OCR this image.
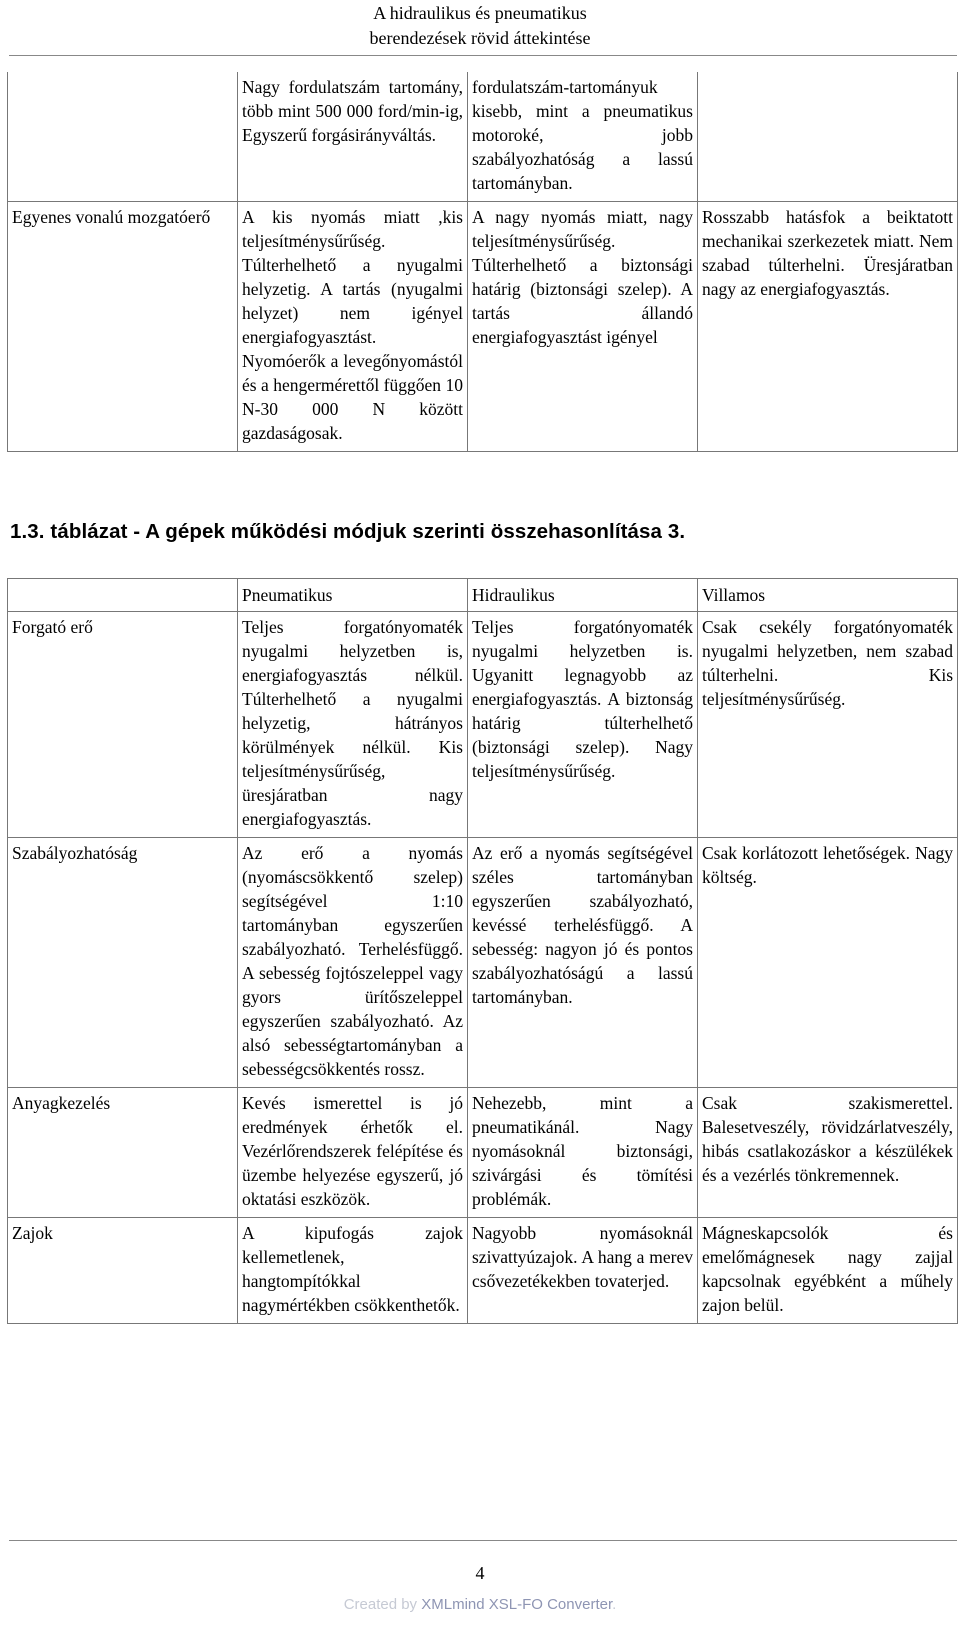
A hidraulikus és pneumatikus
berendezések rövid áttekintése
	Nagy fordulatszám tartomány, több mint 500 000 ford/min-ig, Egyszerű forgásirányváltás.	fordulatszám-tartományuk kisebb, mint a pneumatikus motoroké, jobb szabályozhatóság a lassú tartományban.	
Egyenes vonalú mozgatóerő	A kis nyomás miatt ,kis teljesítménysűrűség. Túlterhelhető a nyugalmi helyzetig. A tartás (nyugalmi helyzet) nem igényel energiafogyasztást. Nyomóerők a levegőnyomástól és a hengermérettől függően 10 N-30 000 N között gazdaságosak.	A nagy nyomás miatt, nagy teljesítménysűrűség. Túlterhelhető a biztonsági határig (biztonsági szelep). A tartás állandó energiafogyasztást igényel	Rosszabb hatásfok a beiktatott mechanikai szerkezetek miatt. Nem szabad túlterhelni. Üresjáratban nagy az energiafogyasztás.
1.3. táblázat - A gépek működési módjuk szerinti összehasonlítása 3.
	Pneumatikus	Hidraulikus	Villamos
Forgató erő	Teljes forgatónyomaték nyugalmi helyzetben is, energiafogyasztás nélkül. Túlterhelhető a nyugalmi helyzetig, hátrányos körülmények nélkül. Kis teljesítménysűrűség, üresjáratban nagy energiafogyasztás.	Teljes forgatónyomaték nyugalmi helyzetben is. Ugyanitt legnagyobb az energiafogyasztás. A biztonság határig túlterhelhető (biztonsági szelep). Nagy teljesítménysűrűség.	Csak csekély forgatónyomaték nyugalmi helyzetben, nem szabad túlterhelni. Kis teljesítménysűrűség.
Szabályozhatóság	Az erő a nyomás (nyomáscsökkentő szelep) segítségével 1:10 tartományban egyszerűen szabályozható. Terhelésfüggő. A sebesség fojtószeleppel vagy gyors ürítőszeleppel egyszerűen szabályozható. Az alsó sebességtartományban a sebességcsökkentés rossz.	Az erő a nyomás segítségével széles tartományban egyszerűen szabályozható, kevéssé terhelésfüggő. A sebesség: nagyon jó és pontos szabályozhatóságú a lassú tartományban.	Csak korlátozott lehetőségek. Nagy költség.
Anyagkezelés	Kevés ismerettel is jó eredmények érhetők el. Vezérlőrendszerek felépítése és üzembe helyezése egyszerű, jó oktatási eszközök.	Nehezebb, mint a pneumatikánál. Nagy nyomásoknál biztonsági, szivárgási és tömítési problémák.	Csak szakismerettel. Balesetveszély, rövidzárlatveszély, hibás csatlakozáskor a készülékek és a vezérlés tönkremennek.
Zajok	A kipufogás zajok kellemetlenek, hangtompítókkal nagymértékben csökkenthetők.	Nagyobb nyomásoknál szivattyúzajok. A hang a merev csővezetékekben tovaterjed.	Mágneskapcsolók és emelőmágnesek nagy zajjal kapcsolnak egyébként a műhely zajon belül.
4
Created by XMLmind XSL-FO Converter.
